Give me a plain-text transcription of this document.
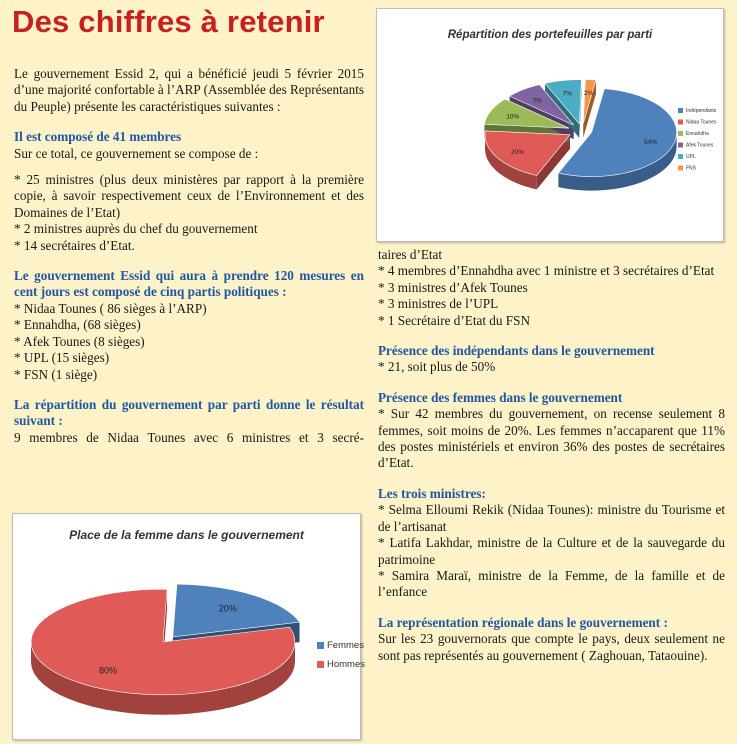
Des chiffres à retenir

Le gouvernement Essid 2, qui a bénéficié jeudi 5 février 2015 d’une majorité confortable à l’ARP (Assemblée des Représentants du Peuple) présente les caractéristiques suivantes :

Il est composé de 41 membres

Sur ce total, ce gouvernement se compose de :

* 25 ministres (plus deux ministères par rapport à la première copie, à savoir respectivement ceux de l’Environnement et des Domaines de l’Etat)

* 2 ministres auprès du chef du gouvernement

* 14 secrétaires d’Etat.

Le gouvernement Essid qui aura à prendre 120 mesures en cent jours est composé de cinq partis politiques :

* Nidaa Tounes ( 86 sièges à l’ARP)

* Ennahdha, (68 sièges)

* Afek Tounes (8 sièges)

* UPL (15 sièges)

* FSN (1 siège)

La répartition du gouvernement par parti donne le résultat suivant :

9 membres de Nidaa Tounes avec 6 ministres et 3 secré-

taires d’Etat

* 4 membres d’Ennahdha avec 1 ministre et 3 secrétaires d’Etat

* 3 ministres d’Afek Tounes

* 3 ministres de l’UPL

* 1 Secrétaire d’Etat du FSN

Présence des indépendants dans le gouvernement

* 21, soit plus de 50%

Présence des femmes dans le gouvernement

* Sur 42 membres du gouvernement, on recense seulement 8 femmes, soit moins de 20%. Les femmes n’accaparent que 11% des postes ministériels et environ 36% des postes de secrétaires d’Etat.

Les trois ministres:

* Selma Elloumi Rekik (Nidaa Tounes): ministre du Tourisme et de l’artisanat

* Latifa Lakhdar, ministre de la Culture et de la sauvegarde du patrimoine

* Samira Maraï, ministre de la Femme, de la famille et de l’enfance

La représentation régionale dans le gouvernement :

Sur les 23 gouvernorats que compte le pays, deux seulement ne sont pas représentés au gouvernement ( Zaghouan, Tataouine).

Répartition des portefeuilles par parti
54%
20%
10%
7%
7% 2%
Indépendants
Nidaa Tounes
Ennahdha
Afek Tounes
UPL
FNS
Place de la femme dans le gouvernement
20%
80%
Femmes
Hommes
